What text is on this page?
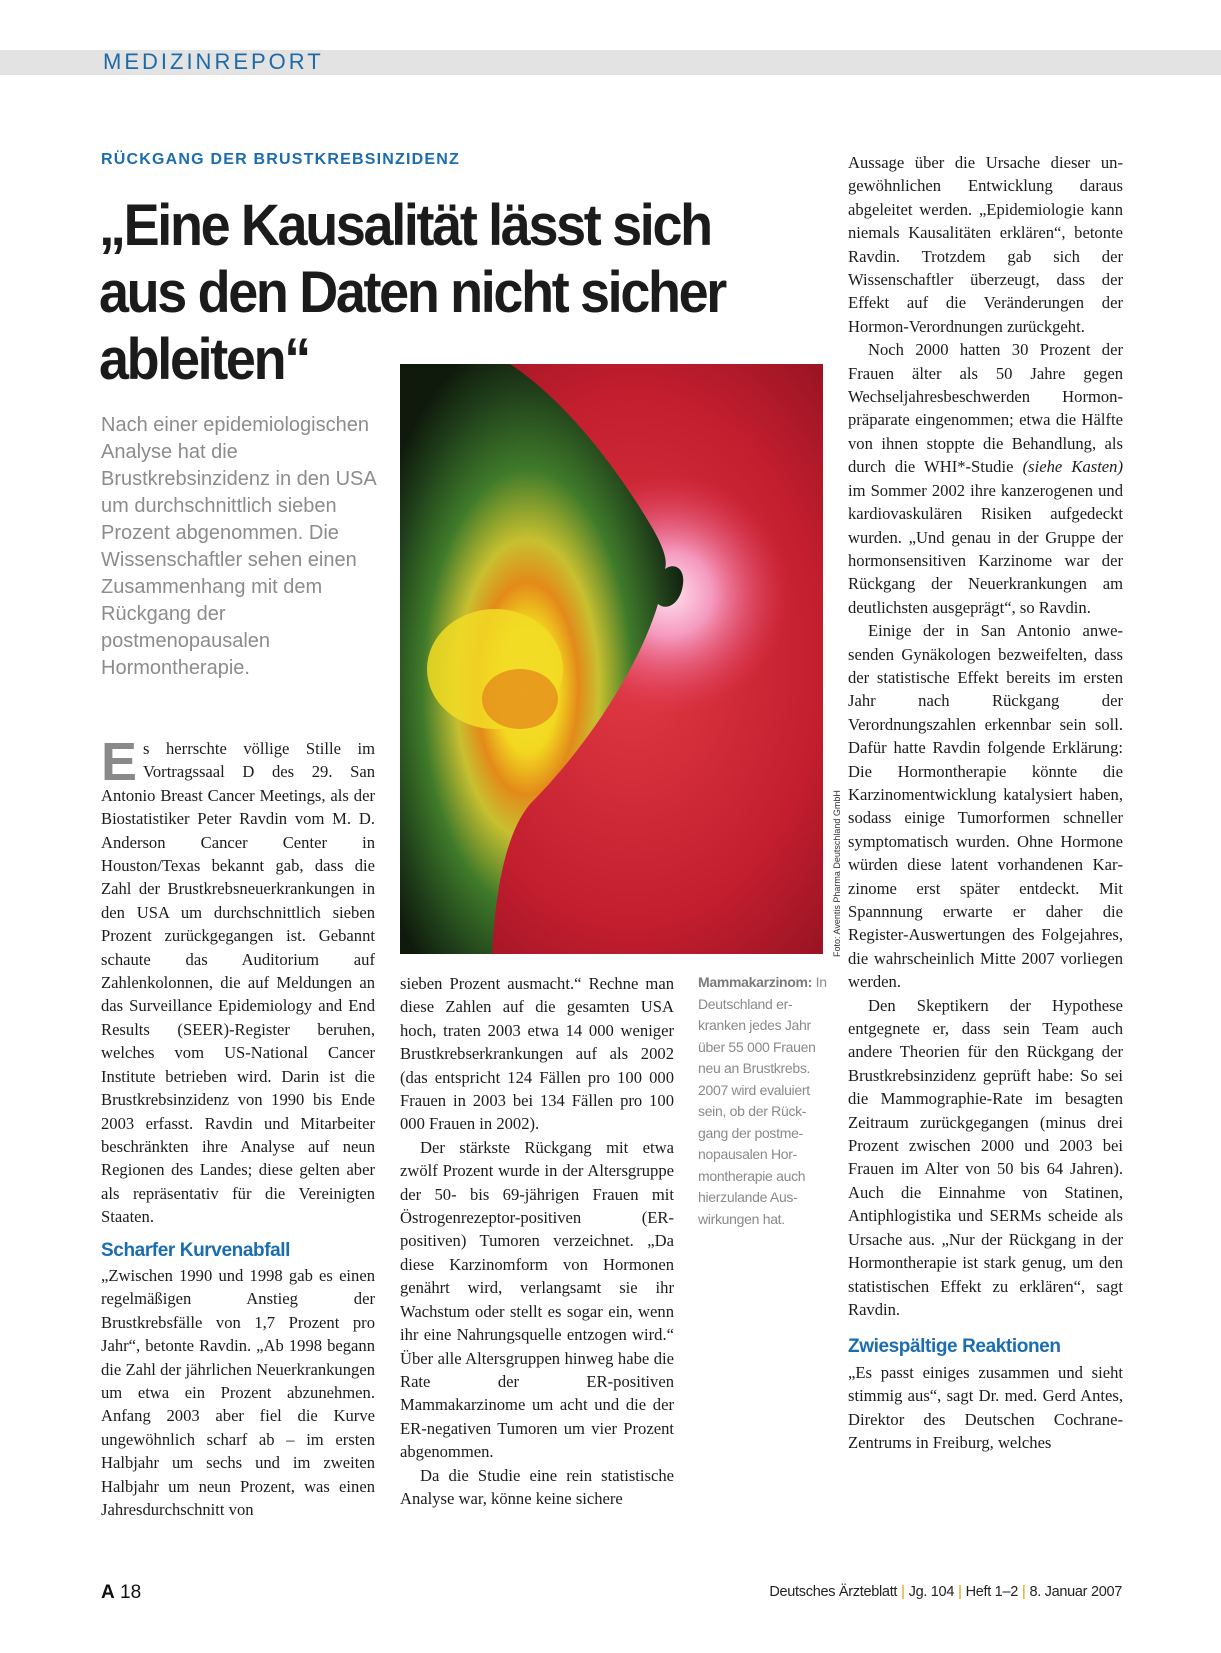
MEDIZINREPORT
RÜCKGANG DER BRUSTKREBSINZIDENZ
„Eine Kausalität lässt sich aus den Daten nicht sicher ableiten“

Nach einer epidemiologischen Analyse hat die Brustkrebsinzidenz in den USA um durchschnittlich sieben Prozent abgenommen. Die Wissenschaftler sehen einen Zusammenhang mit dem Rückgang der postmenopausalen Hormontherapie.

E s herrschte völlige Stille im Vortragssaal D des 29. San Antonio Breast Cancer Meetings, als der Biostatistiker Peter Ravdin vom M. D. Anderson Cancer Center in Houston/Texas bekannt gab, dass die Zahl der Brustkrebsneuerkrankungen in den USA um durchschnittlich sieben Prozent zurückgegangen ist. Gebannt schaute das Auditorium auf Zahlenkolonnen, die auf Meldungen an das Surveillance Epidemiology and End Results (SEER)-Register beruhen, welches vom US-National Cancer Institute betrieben wird. Darin ist die Brustkrebsinzidenz von 1990 bis Ende 2003 erfasst. Ravdin und Mitarbeiter beschränkten ihre Analyse auf neun Regionen des Landes; diese gelten aber als repräsentativ für die Vereinigten Staaten.

Scharfer Kurvenabfall

„Zwischen 1990 und 1998 gab es einen regelmäßigen Anstieg der Brustkrebsfälle von 1,7 Prozent pro Jahr“, betonte Ravdin. „Ab 1998 begann die Zahl der jährlichen Neuerkrankungen um etwa ein Prozent abzunehmen. Anfang 2003 aber fiel die Kurve ungewöhnlich scharf ab – im ersten Halbjahr um sechs und im zweiten Halbjahr um neun Prozent, was einen Jahresdurchschnitt von

Foto: Aventis Pharma Deutschland GmbH
Mammakarzinom: In Deutschland erkranken jedes Jahr über 55 000 Frauen neu an Brustkrebs. 2007 wird evaluiert sein, ob der Rückgang der postmenopausalen Hormontherapie auch hierzulande Auswirkungen hat.

sieben Prozent ausmacht.“ Rechne man diese Zahlen auf die gesamten USA hoch, traten 2003 etwa 14 000 weniger Brustkrebserkrankungen auf als 2002 (das entspricht 124 Fällen pro 100 000 Frauen in 2003 bei 134 Fällen pro 100 000 Frauen in 2002).

Der stärkste Rückgang mit etwa zwölf Prozent wurde in der Altersgruppe der 50- bis 69-jährigen Frauen mit Östrogenrezeptor-positiven (ER-positiven) Tumoren verzeichnet. „Da diese Karzinomform von Hormonen genährt wird, verlangsamt sie ihr Wachstum oder stellt es sogar ein, wenn ihr eine Nahrungsquelle entzogen wird.“ Über alle Altersgruppen hinweg habe die Rate der ER-positiven Mammakarzinome um acht und die der ER-negativen Tumoren um vier Prozent abgenommen.

Da die Studie eine rein statistische Analyse war, könne keine sichere

Aussage über die Ursache dieser ungewöhnlichen Entwicklung daraus abgeleitet werden. „Epidemiologie kann niemals Kausalitäten erklären“, betonte Ravdin. Trotzdem gab sich der Wissenschaftler überzeugt, dass der Effekt auf die Veränderungen der Hormon-Verordnungen zurückgeht.

Noch 2000 hatten 30 Prozent der Frauen älter als 50 Jahre gegen Wechseljahresbeschwerden Hormonpräparate eingenommen; etwa die Hälfte von ihnen stoppte die Behandlung, als durch die WHI*-Studie (siehe Kasten) im Sommer 2002 ihre kanzerogenen und kardiovaskulären Risiken aufgedeckt wurden. „Und genau in der Gruppe der hormonsensitiven Karzinome war der Rückgang der Neuerkrankungen am deutlichsten ausgeprägt“, so Ravdin.

Einige der in San Antonio anwesenden Gynäkologen bezweifelten, dass der statistische Effekt bereits im ersten Jahr nach Rückgang der Verordnungszahlen erkennbar sein soll. Dafür hatte Ravdin folgende Erklärung: Die Hormontherapie könnte die Karzinomentwicklung katalysiert haben, sodass einige Tumorformen schneller symptomatisch wurden. Ohne Hormone würden diese latent vorhandenen Karzinome erst später entdeckt. Mit Spannnung erwarte er daher die Register-Auswertungen des Folgejahres, die wahrscheinlich Mitte 2007 vorliegen werden.

Den Skeptikern der Hypothese entgegnete er, dass sein Team auch andere Theorien für den Rückgang der Brustkrebsinzidenz geprüft habe: So sei die Mammographie-Rate im besagten Zeitraum zurückgegangen (minus drei Prozent zwischen 2000 und 2003 bei Frauen im Alter von 50 bis 64 Jahren). Auch die Einnahme von Statinen, Antiphlogistika und SERMs scheide als Ursache aus. „Nur der Rückgang in der Hormontherapie ist stark genug, um den statistischen Effekt zu erklären“, sagt Ravdin.

Zwiespältige Reaktionen

„Es passt einiges zusammen und sieht stimmig aus“, sagt Dr. med. Gerd Antes, Direktor des Deutschen Cochrane-Zentrums in Freiburg, welches

A 18	Deutsches Ärzteblatt | Jg. 104 | Heft 1–2 | 8. Januar 2007
